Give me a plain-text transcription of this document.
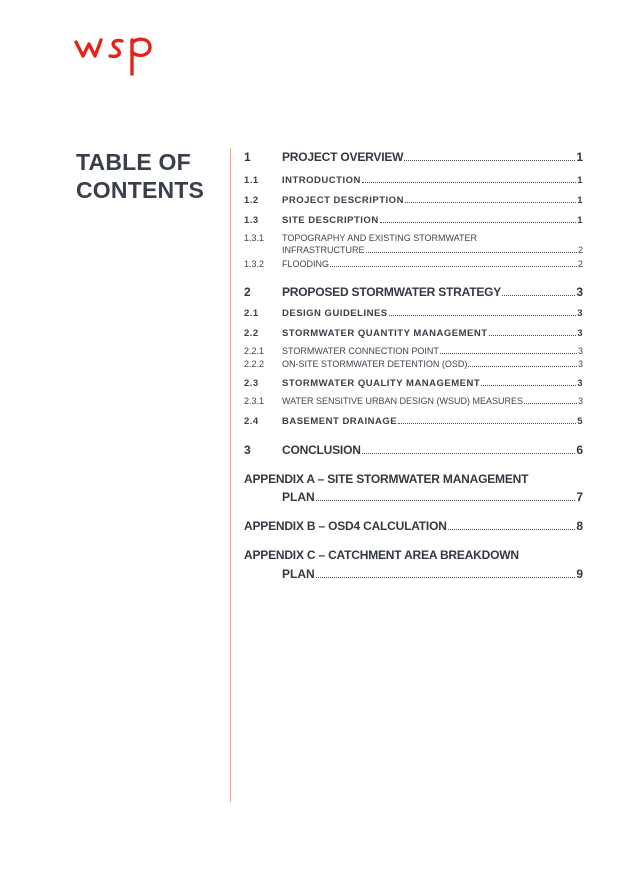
TABLE OF
CONTENTS
1	PROJECT OVERVIEW	1
1.1	INTRODUCTION	1
1.2	PROJECT DESCRIPTION	1
1.3	SITE DESCRIPTION	1
1.3.1 TOPOGRAPHY AND EXISTING STORMWATER
INFRASTRUCTURE	2
1.3.2	FLOODING	2
2	PROPOSED STORMWATER STRATEGY	3
2.1	DESIGN GUIDELINES	3
2.2	STORMWATER QUANTITY MANAGEMENT	3
2.2.1	STORMWATER CONNECTION POINT	3
2.2.2	ON-SITE STORMWATER DETENTION (OSD)	3
2.3	STORMWATER QUALITY MANAGEMENT	3
2.3.1	WATER SENSITIVE URBAN DESIGN (WSUD) MEASURES	3
2.4	BASEMENT DRAINAGE	5
3	CONCLUSION	6
APPENDIX A – SITE STORMWATER MANAGEMENT
PLAN	7
APPENDIX B – OSD4 CALCULATION	8
APPENDIX C – CATCHMENT AREA BREAKDOWN
PLAN	9
